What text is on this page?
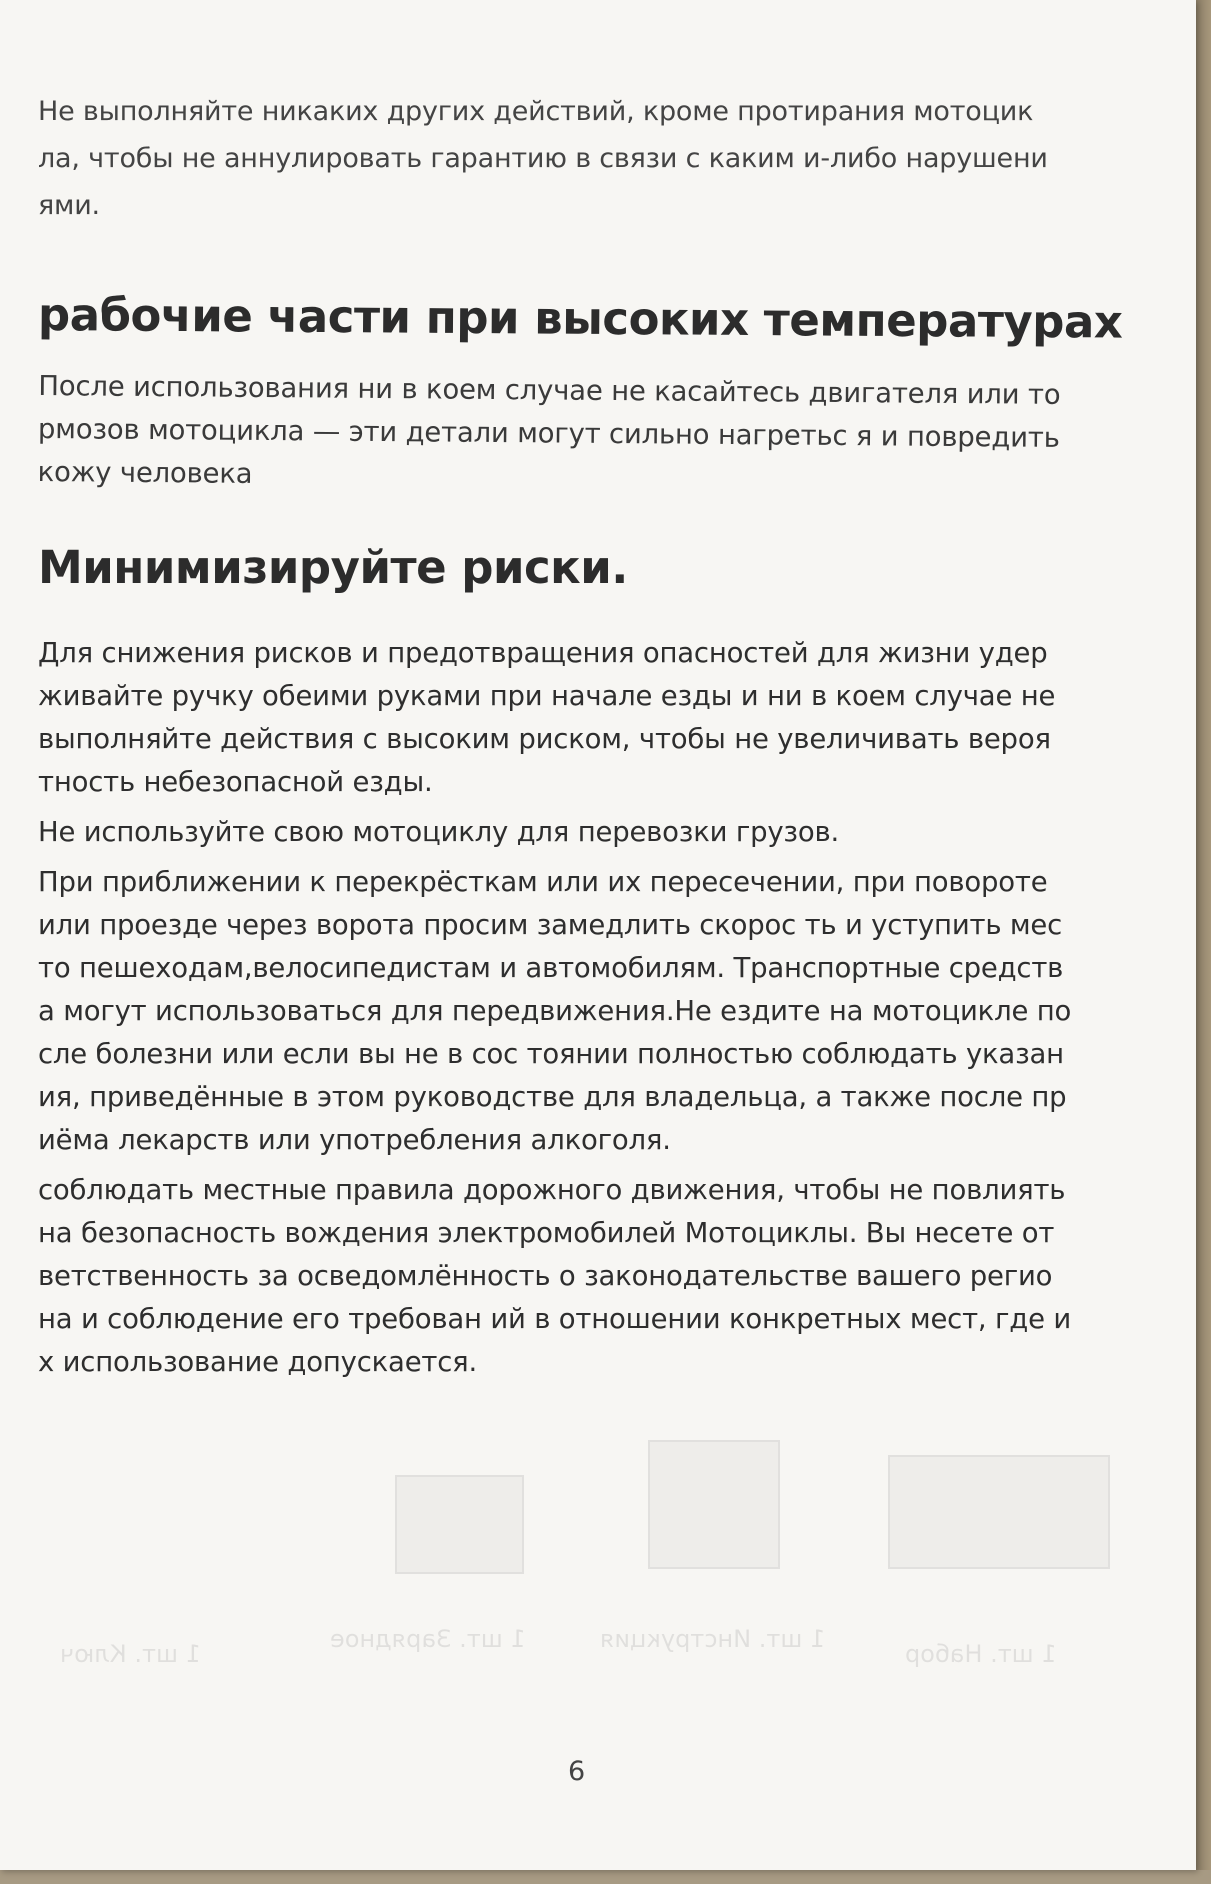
1 шт. Ключ
1 шт. Зарядное	1 шт. Инструкция
1 шт. Набор
Не выполняйте никаких других действий, кроме протирания мотоцик
ла, чтобы не аннулировать гарантию в связи с каким и-либо нарушени
ями.
рабочие части при высоких температурах
После использования ни в коем случае не касайтесь двигателя или то
рмозов мотоцикла — эти детали могут сильно нагретьс я и повредить
кожу человека
Минимизируйте риски.
Для снижения рисков и предотвращения опасностей для жизни удер
живайте ручку обеими руками при начале езды и ни в коем случае не
выполняйте действия с высоким риском, чтобы не увеличивать вероя
тность небезопасной езды.
Не используйте свою мотоциклу для перевозки грузов.
При приближении к перекрёсткам или их пересечении, при повороте
или проезде через ворота просим замедлить скорос ть и уступить мес
то пешеходам,велосипедистам и автомобилям. Транспортные средств
а могут использоваться для передвижения.Не ездите на мотоцикле по
сле болезни или если вы не в сос тоянии полностью соблюдать указан
ия, приведённые в этом руководстве для владельца, а также после пр
иёма лекарств или употребления алкоголя.
соблюдать местные правила дорожного движения, чтобы не повлиять
на безопасность вождения электромобилей Мотоциклы. Вы несете от
ветственность за осведомлённость о законодательстве вашего регио
на и соблюдение его требован ий в отношении конкретных мест, где и
х использование допускается.
6
